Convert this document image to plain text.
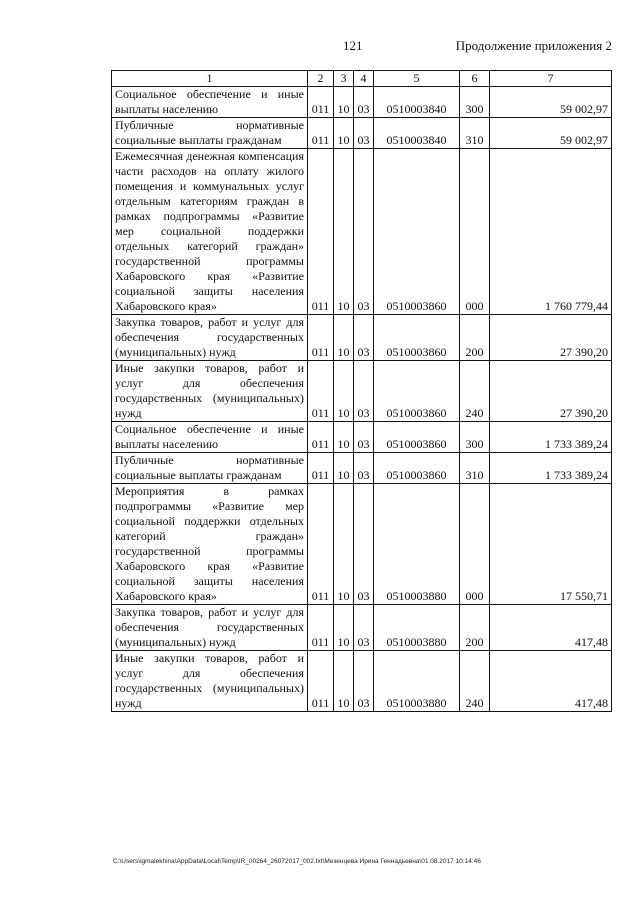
121	Продолжение приложения 2
1	2	3	4	5	6	7
Социальное обеспечение и иные выплаты населению	011	10	03	0510003840	300	59 002,97
Публичные нормативные социальные выплаты гражданам	011	10	03	0510003840	310	59 002,97
Ежемесячная денежная компенсация части расходов на оплату жилого помещения и коммунальных услуг отдельным категориям граждан в рамках подпрограммы «Развитие мер социальной поддержки отдельных категорий граждан» государственной программы Хабаровского края «Развитие социальной защиты населения Хабаровского края»	011	10	03	0510003860	000	1 760 779,44
Закупка товаров, работ и услуг для обеспечения государственных (муниципальных) нужд	011	10	03	0510003860	200	27 390,20
Иные закупки товаров, работ и услуг для обеспечения государственных (муниципальных) нужд	011	10	03	0510003860	240	27 390,20
Социальное обеспечение и иные выплаты населению	011	10	03	0510003860	300	1 733 389,24
Публичные нормативные социальные выплаты гражданам	011	10	03	0510003860	310	1 733 389,24
Мероприятия в рамках подпрограммы «Развитие мер социальной поддержки отдельных категорий граждан» государственной программы Хабаровского края «Развитие социальной защиты населения Хабаровского края»	011	10	03	0510003880	000	17 550,71
Закупка товаров, работ и услуг для обеспечения государственных (муниципальных) нужд	011	10	03	0510003880	200	417,48
Иные закупки товаров, работ и услуг для обеспечения государственных (муниципальных) нужд	011	10	03	0510003880	240	417,48
C:\Users\igmalekhina\AppData\Local\Temp\IR_00264_26072017_002.txt\Мезенцева Ирина Геннадьевна\01.08.2017 10:14:46
